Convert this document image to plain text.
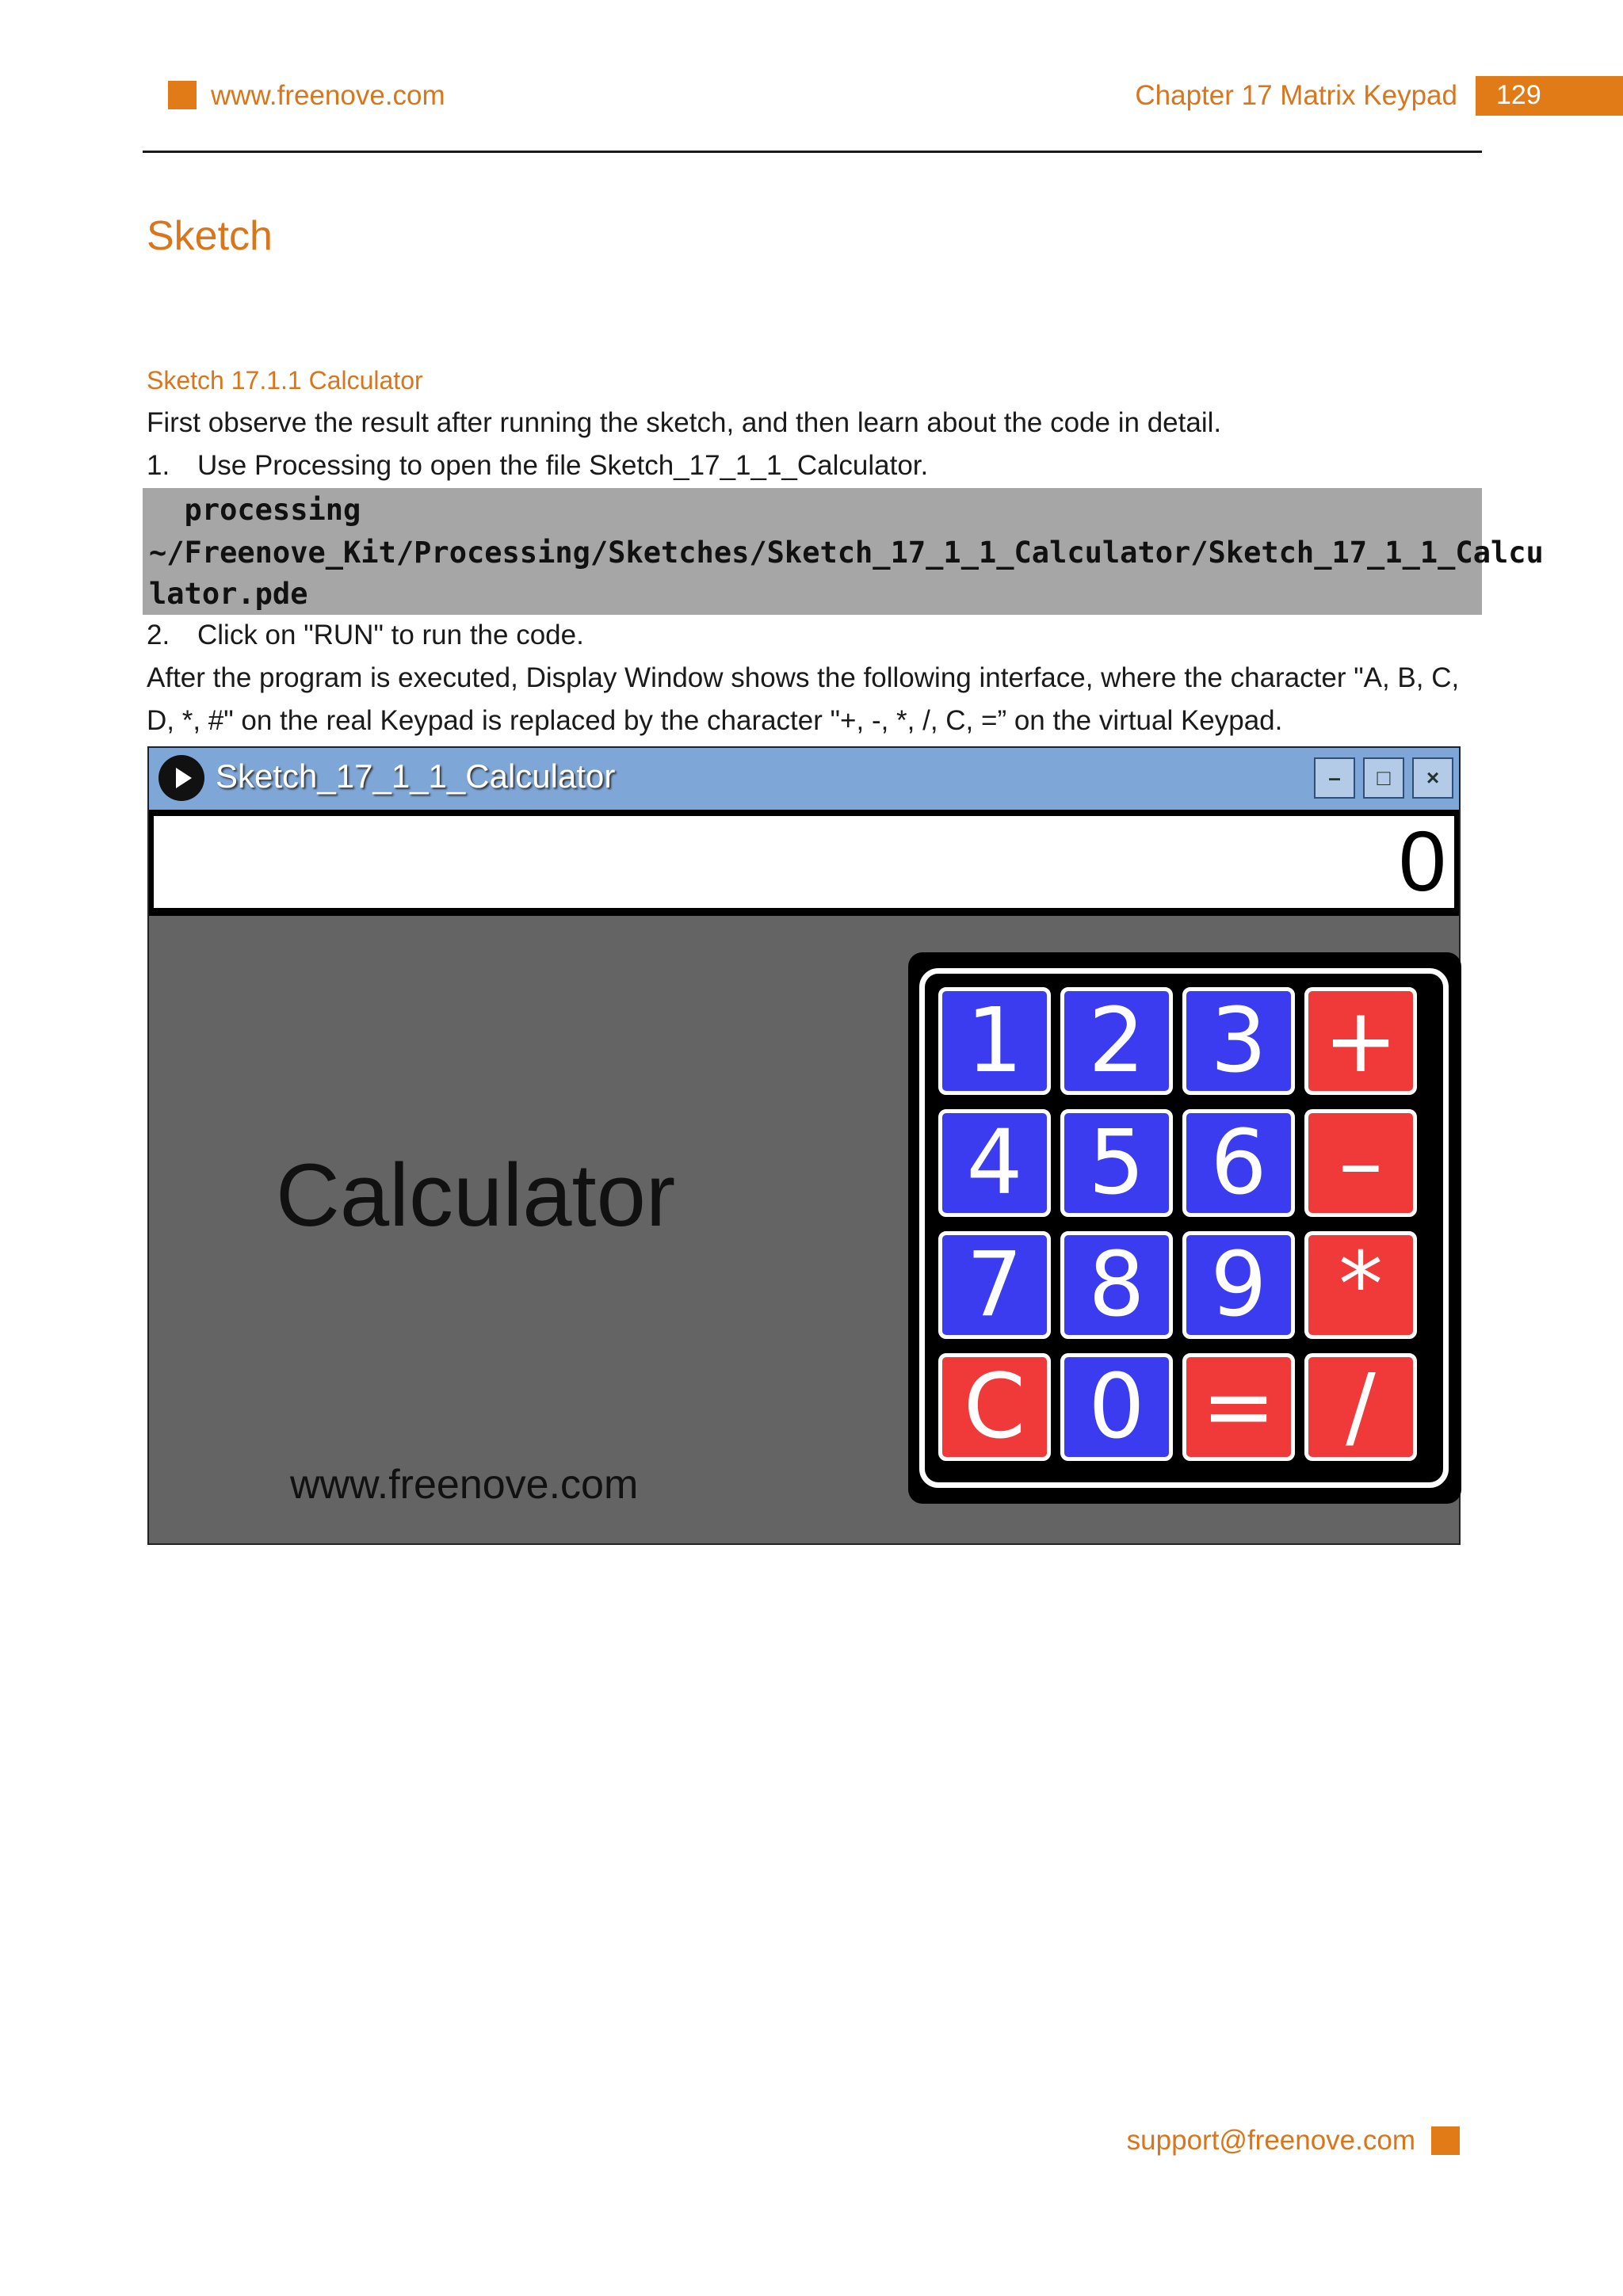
www.freenove.com	Chapter 17 Matrix Keypad	129
Sketch
Sketch 17.1.1 Calculator
First observe the result after running the sketch, and then learn about the code in detail.
1. Use Processing to open the file Sketch_17_1_1_Calculator.
processing
~/Freenove_Kit/Processing/Sketches/Sketch_17_1_1_Calculator/Sketch_17_1_1_Calcu
lator.pde
2. Click on "RUN" to run the code.
After the program is executed, Display Window shows the following interface, where the character "A, B, C,
D, *, #" on the real Keypad is replaced by the character "+, -, *, /, C, =” on the virtual Keypad.
Sketch_17_1_1_Calculator	–	□	×
0
Calculator
www.freenove.com
1 2 3 +
4 5 6 –
7 8 9 *
C 0 = /
support@freenove.com
